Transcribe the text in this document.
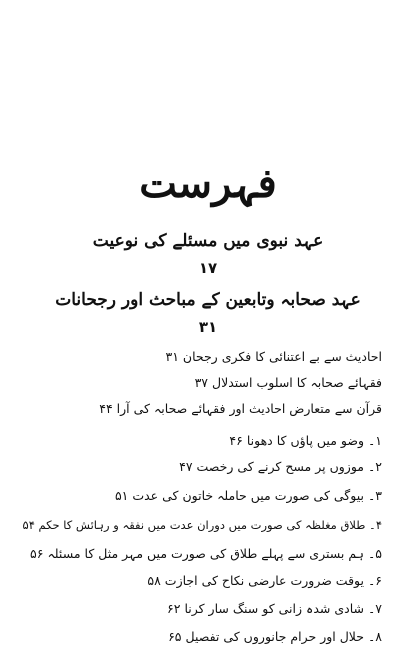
فہرست
عہد نبوی میں مسئلے کی نوعیت
۱۷
عہد صحابہ وتابعین کے مباحث اور رجحانات
۳۱
احادیث سے بے اعتنائی کا فکری رجحان ۳۱
فقہائے صحابہ کا اسلوب استدلال ۳۷
قرآن سے متعارض احادیث اور فقہائے صحابہ کی آرا ۴۴
۱۔ وضو میں پاؤں کا دھونا ۴۶
۲۔ موزوں پر مسح کرنے کی رخصت ۴۷
۳۔ بیوگی کی صورت میں حاملہ خاتون کی عدت ۵۱
۴۔ طلاق مغلظہ کی صورت میں دوران عدت میں نفقہ و رہائش کا حکم ۵۴
۵۔ ہم بستری سے پہلے طلاق کی صورت میں مہر مثل کا مسئلہ ۵۶
۶۔ یوقت ضرورت عارضی نکاح کی اجازت ۵۸
۷۔ شادی شدہ زانی کو سنگ سار کرنا ۶۲
۸۔ حلال اور حرام جانوروں کی تفصیل ۶۵
